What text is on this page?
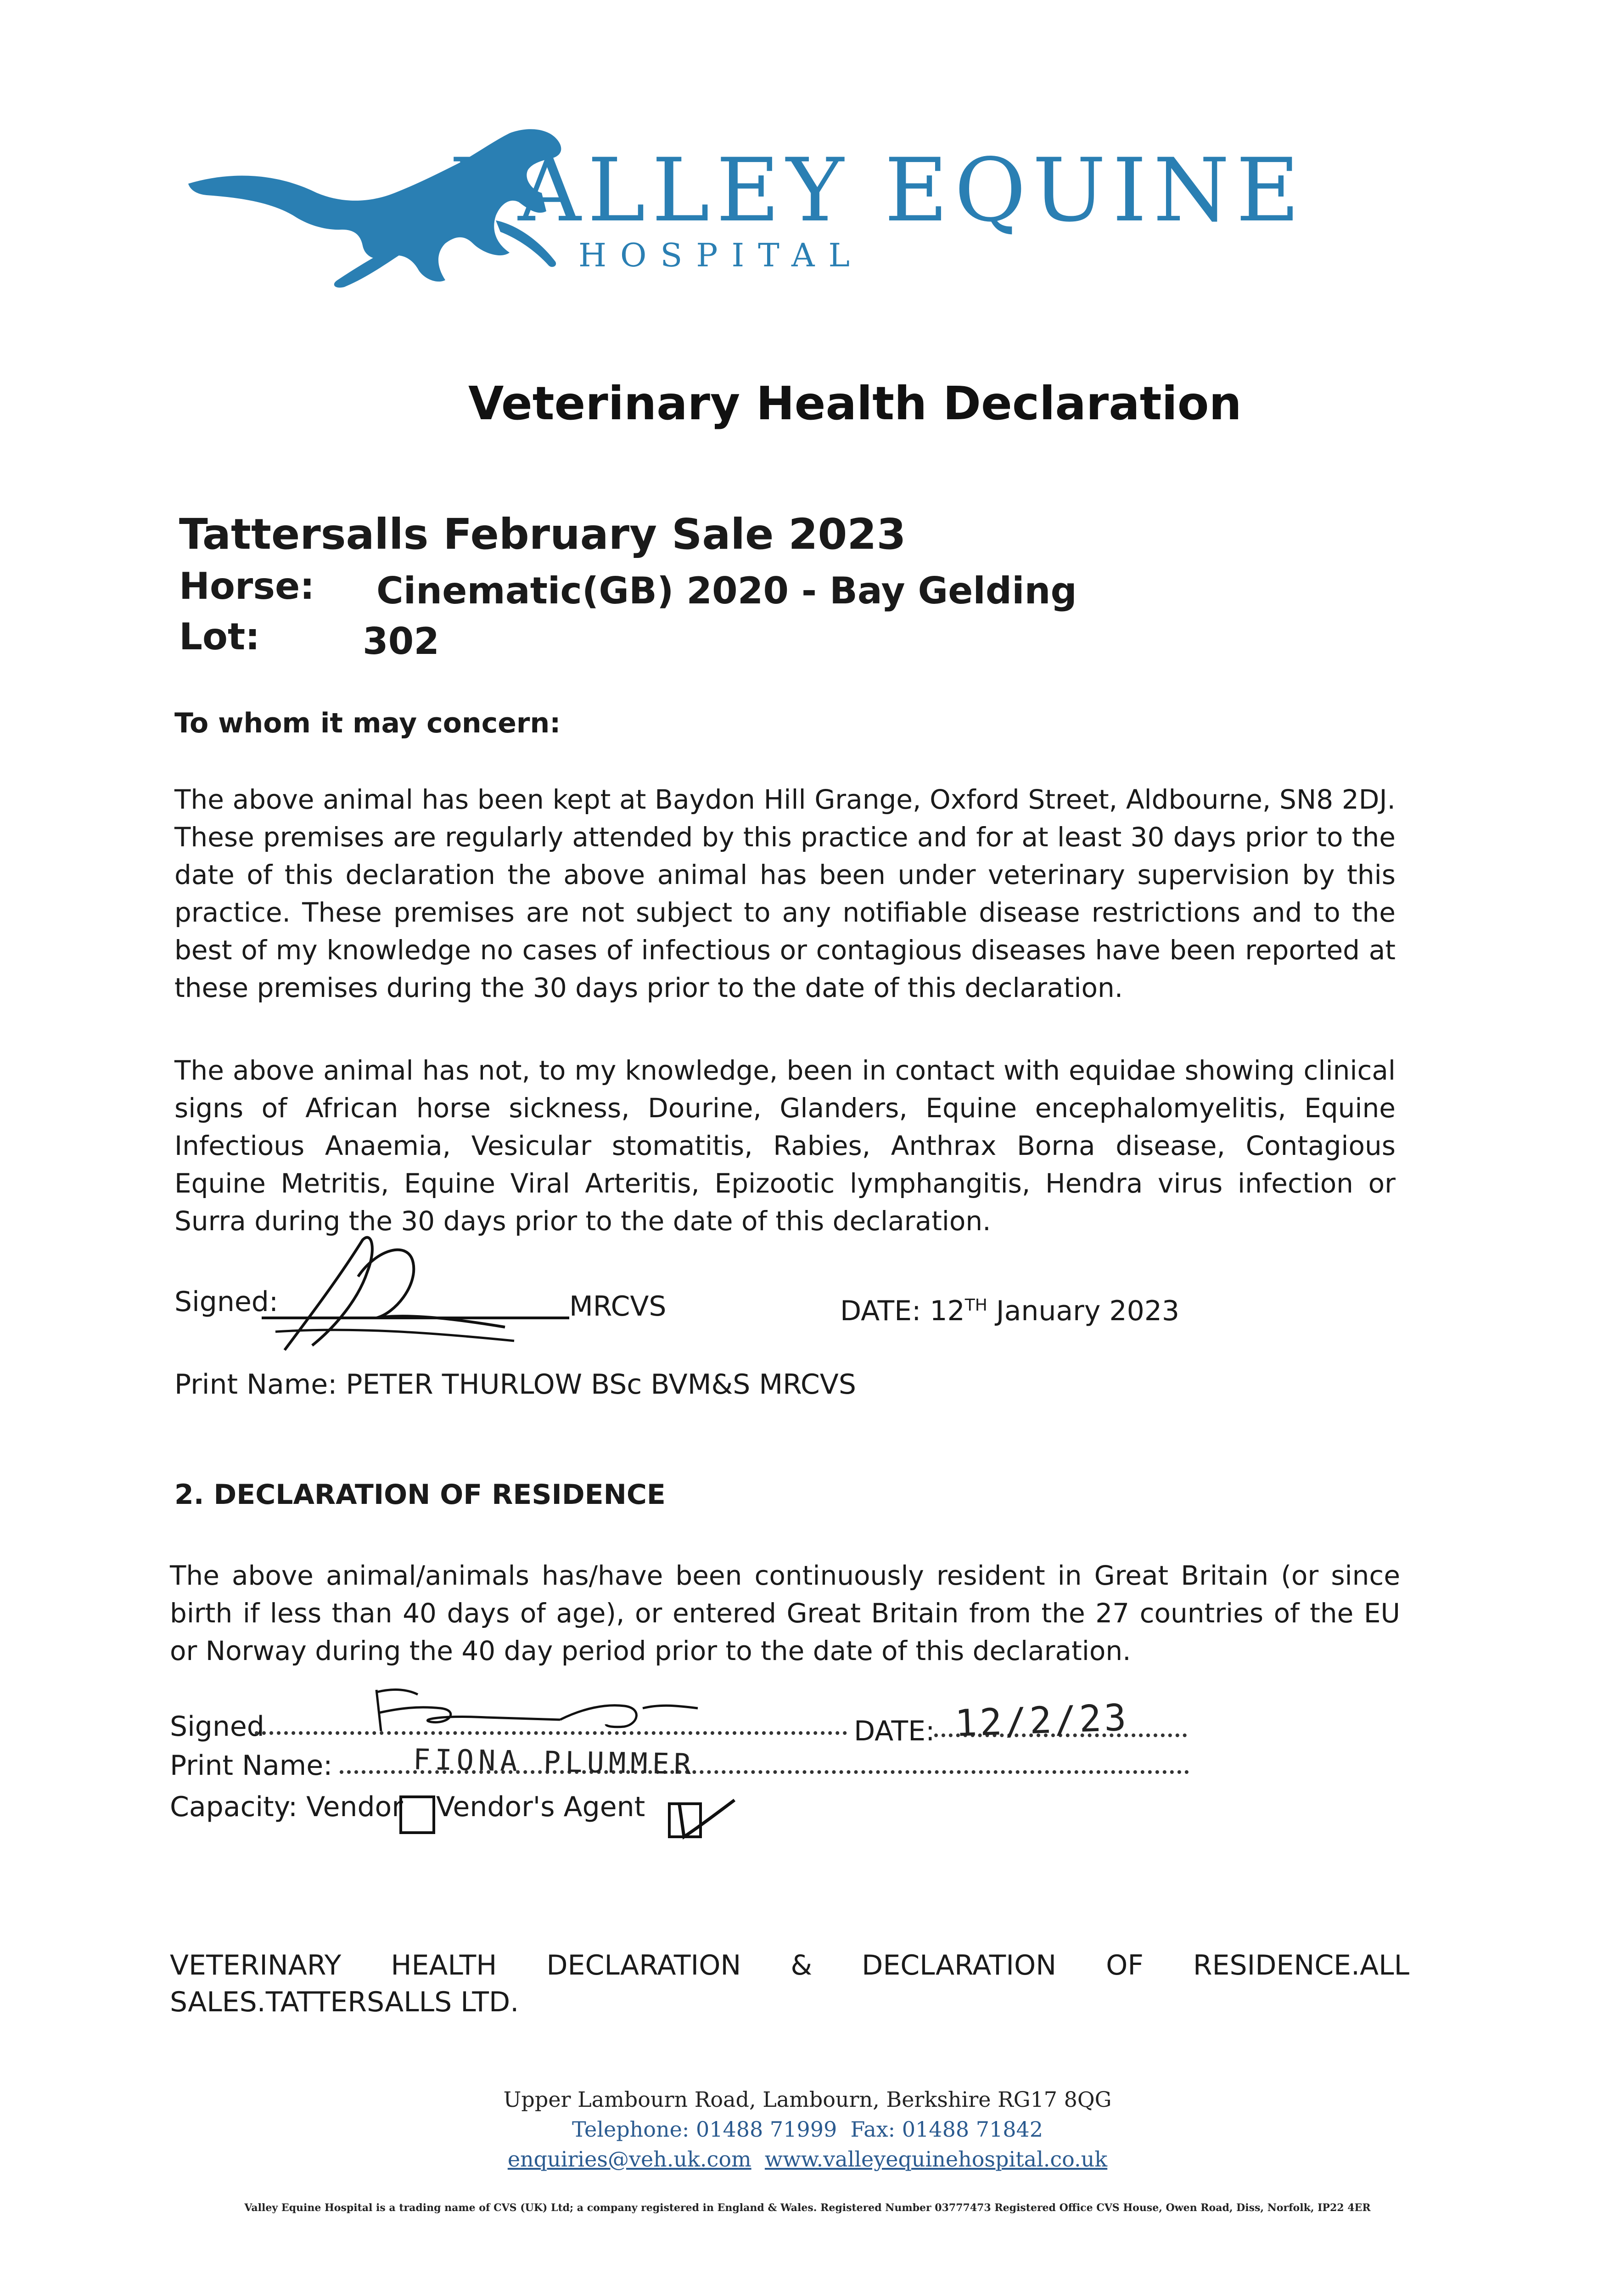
VALLEY EQUINE
HOSPITAL
Veterinary Health Declaration
Tattersalls February Sale 2023
Horse: Cinematic(GB) 2020 - Bay Gelding
Lot:	302
To whom it may concern:
The above animal has been kept at Baydon Hill Grange, Oxford Street, Aldbourne, SN8 2DJ. These premises are regularly attended by this practice and for at least 30 days prior to the date of this declaration the above animal has been under veterinary supervision by this practice. These premises are not subject to any notifiable disease restrictions and to the best of my knowledge no cases of infectious or contagious diseases have been reported at these premises during the 30 days prior to the date of this declaration.
The above animal has not, to my knowledge, been in contact with equidae showing clinical signs of African horse sickness, Dourine, Glanders, Equine encephalomyelitis, Equine Infectious Anaemia, Vesicular stomatitis, Rabies, Anthrax Borna disease, Contagious Equine Metritis, Equine Viral Arteritis, Epizootic lymphangitis, Hendra virus infection or Surra during the 30 days prior to the date of this declaration.
Signed:	MRCVS	DATE: 12TH January 2023
Print Name: PETER THURLOW BSc BVM&S MRCVS
2. DECLARATION OF RESIDENCE
The above animal/animals has/have been continuously resident in Great Britain (or since birth if less than 40 days of age), or entered Great Britain from the 27 countries of the EU or Norway during the 40 day period prior to the date of this declaration.
Signed	DATE: 12/2/23
Print Name:	FIONA PLUMMER
Capacity: Vendor Vendor's Agent
VETERINARY HEALTH DECLARATION & DECLARATION OF RESIDENCE.ALL SALES.TATTERSALLS LTD.
Upper Lambourn Road, Lambourn, Berkshire RG17 8QG
Telephone: 01488 71999 Fax: 01488 71842
enquiries@veh.uk.com www.valleyequinehospital.co.uk
Valley Equine Hospital is a trading name of CVS (UK) Ltd; a company registered in England & Wales. Registered Number 03777473 Registered Office CVS House, Owen Road, Diss, Norfolk, IP22 4ER
